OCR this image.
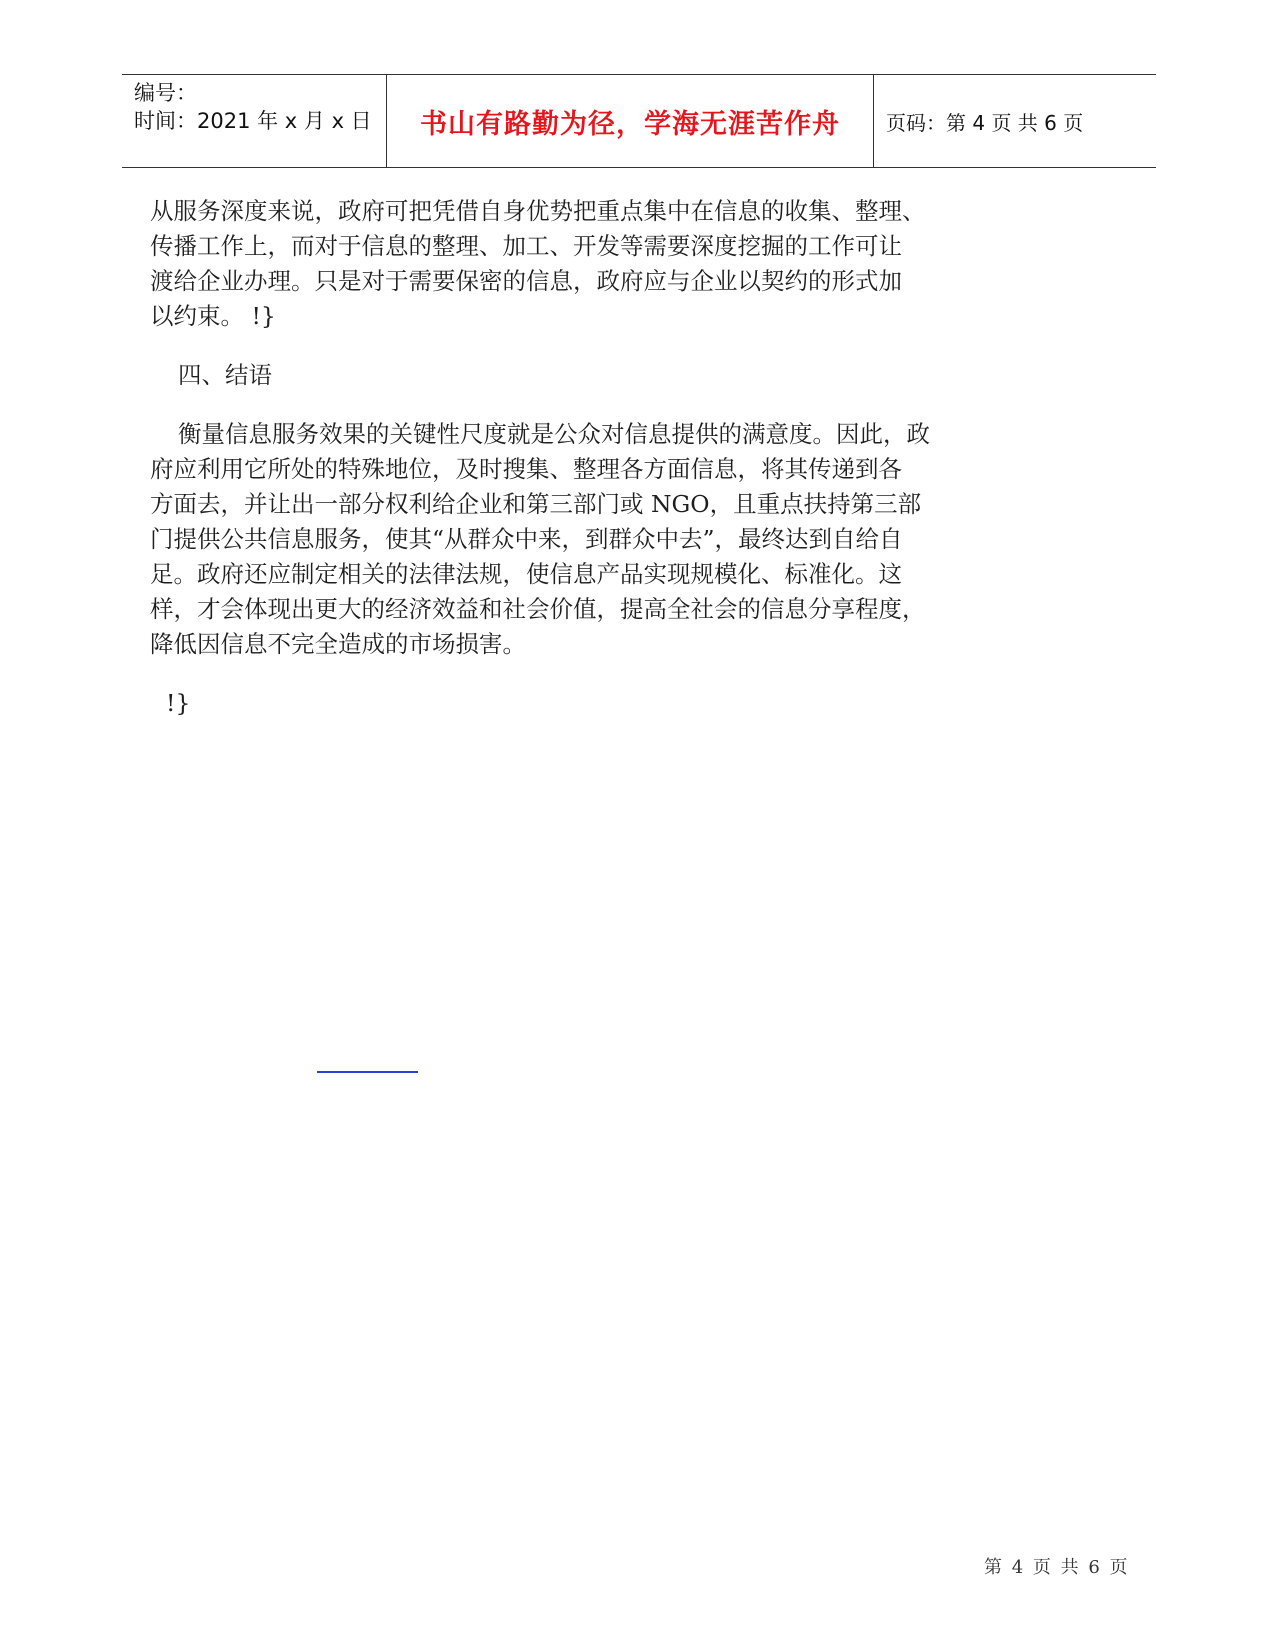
编号：
时间：2021 年 x 月 x 日	书山有路勤为径，学海无涯苦作舟 页码：第 4 页 共 6 页
从服务深度来说，政府可把凭借自身优势把重点集中在信息的收集、整理、
传播工作上，而对于信息的整理、加工、开发等需要深度挖掘的工作可让
渡给企业办理。只是对于需要保密的信息，政府应与企业以契约的形式加
以约束。 !}
四、结语
衡量信息服务效果的关键性尺度就是公众对信息提供的满意度。因此，政
府应利用它所处的特殊地位，及时搜集、整理各方面信息，将其传递到各
方面去，并让出一部分权利给企业和第三部门或 NGO，且重点扶持第三部
门提供公共信息服务，使其“从群众中来，到群众中去”，最终达到自给自
足。政府还应制定相关的法律法规，使信息产品实现规模化、标准化。这
样，才会体现出更大的经济效益和社会价值，提高全社会的信息分享程度，
降低因信息不完全造成的市场损害。
!}
第 4 页 共 6 页
